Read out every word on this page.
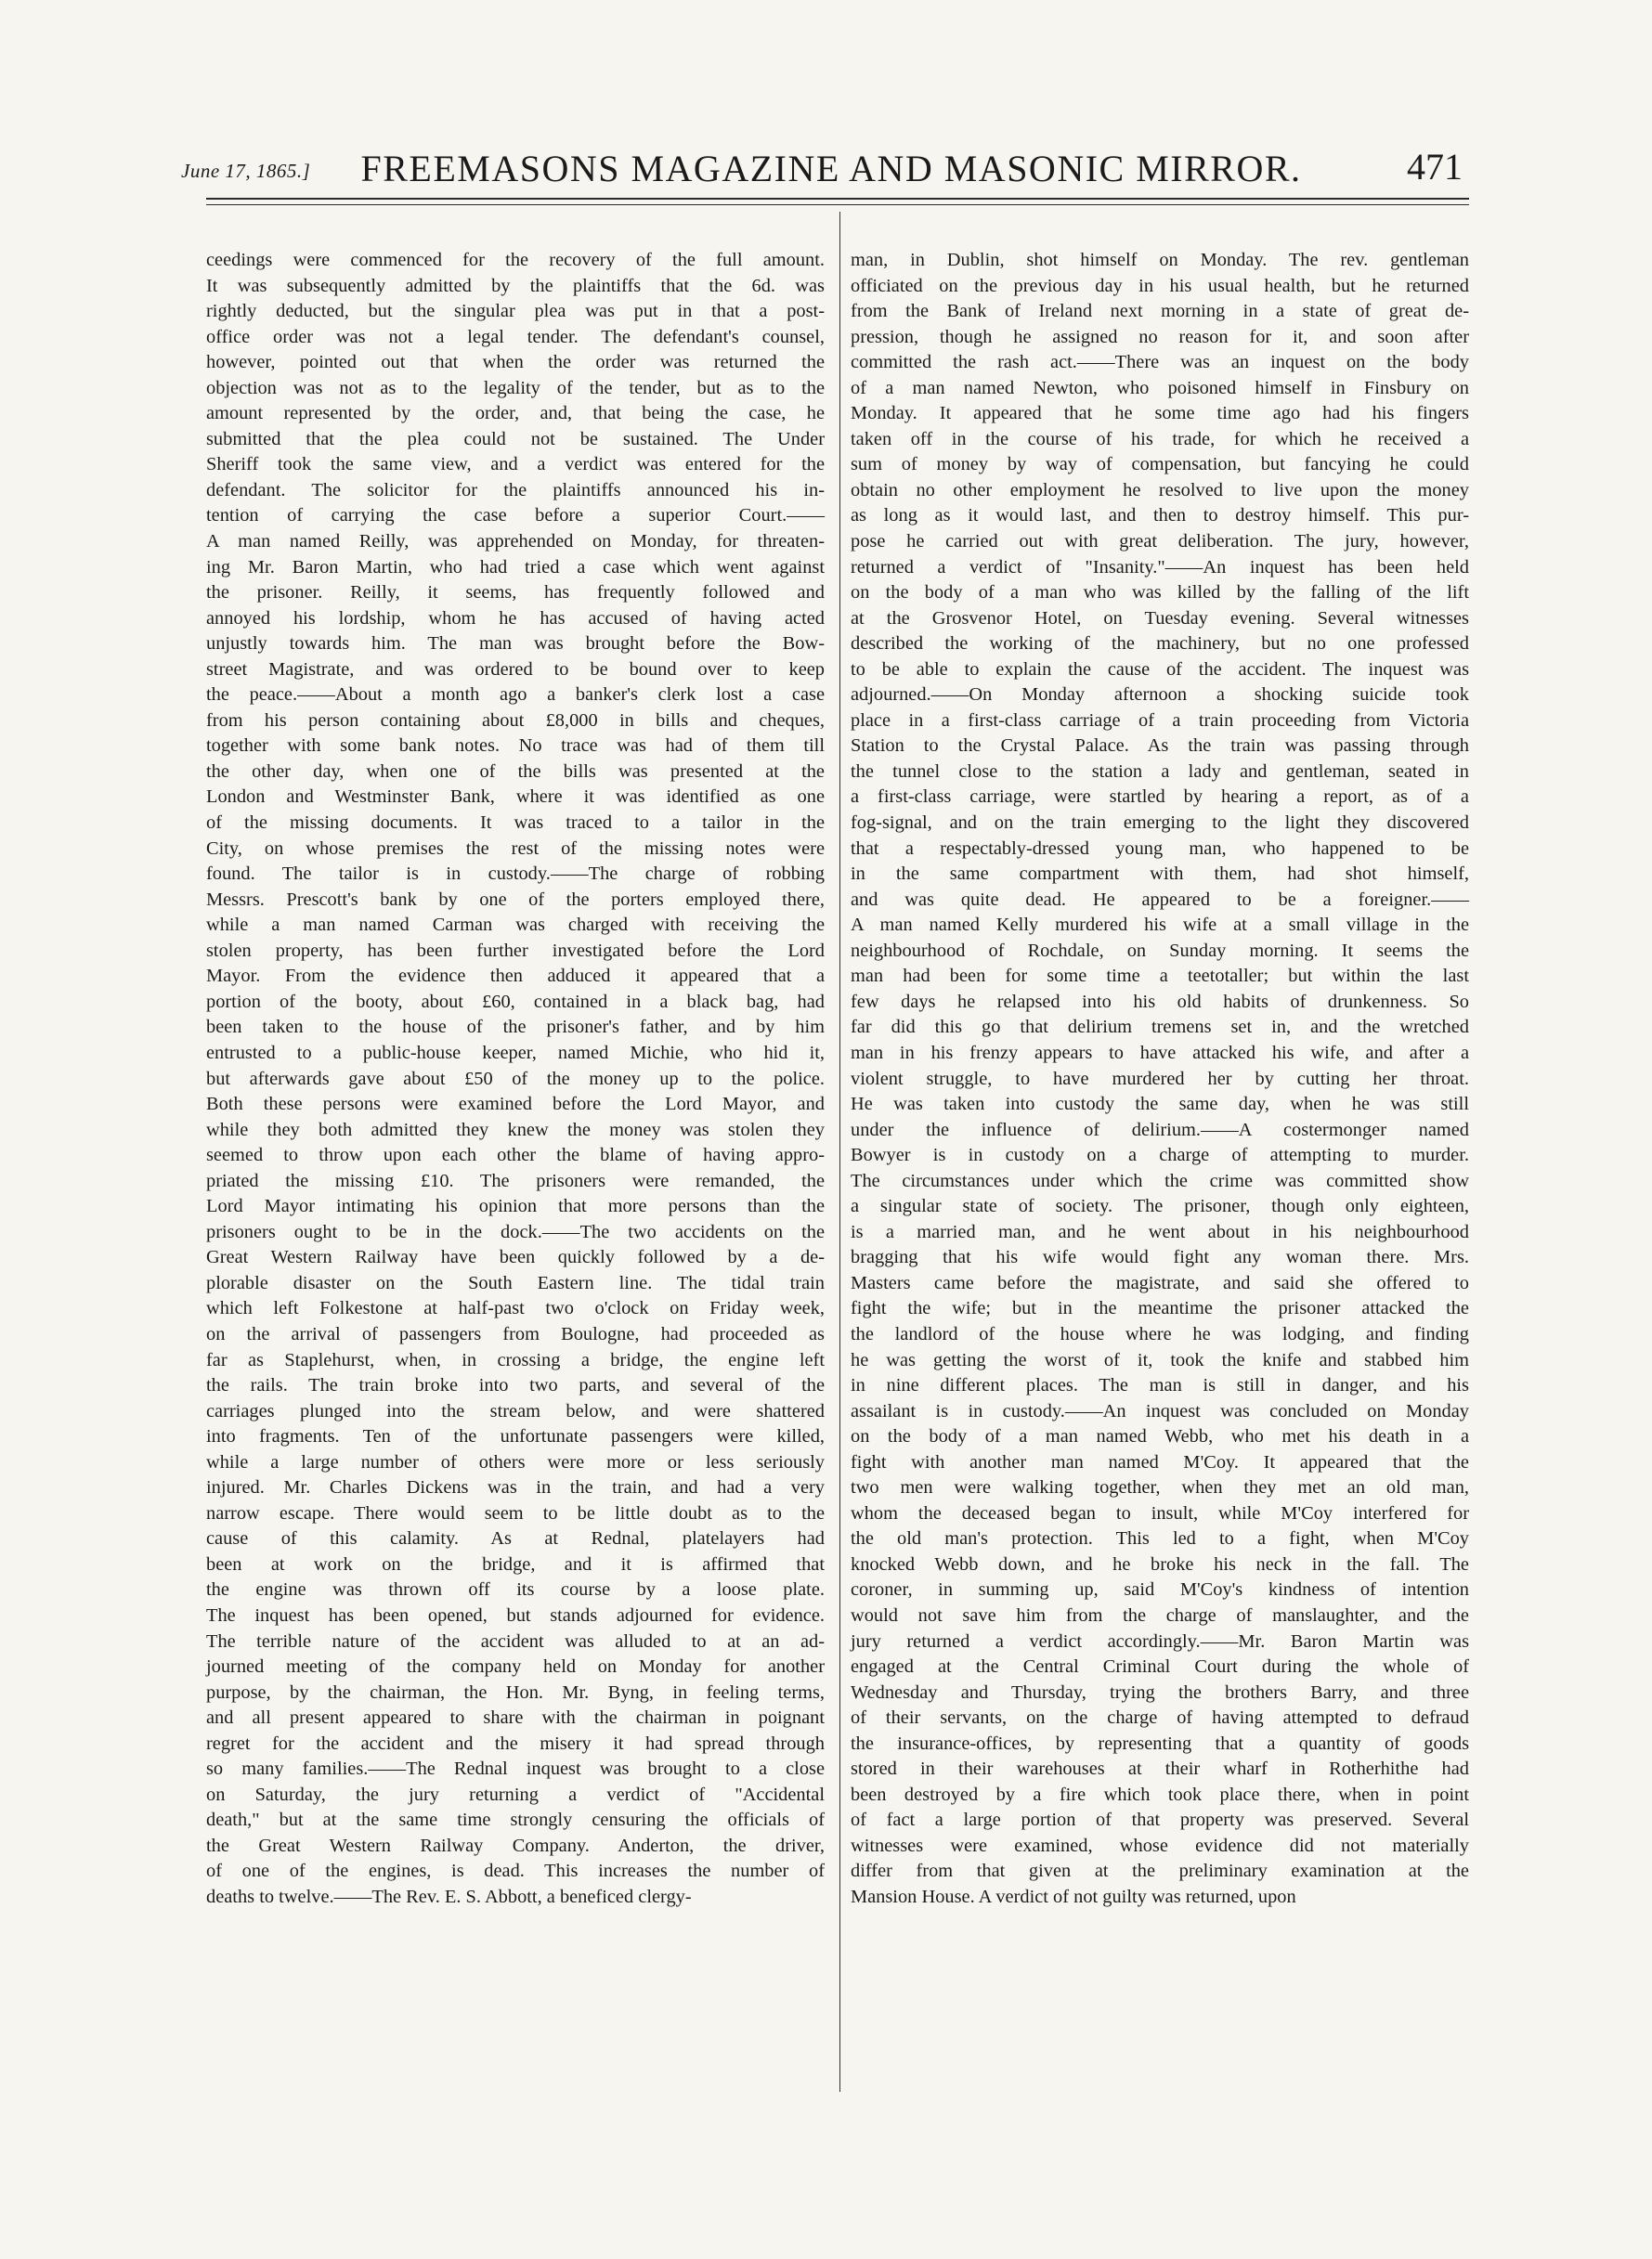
June 17, 1865.]	FREEMASONS MAGAZINE AND MASONIC MIRROR.	471
ceedings were commenced for the recovery of the full amount.
It was subsequently admitted by the plaintiffs that the 6d. was
rightly deducted, but the singular plea was put in that a post-
office order was not a legal tender. The defendant's counsel,
however, pointed out that when the order was returned the
objection was not as to the legality of the tender, but as to the
amount represented by the order, and, that being the case, he
submitted that the plea could not be sustained. The Under
Sheriff took the same view, and a verdict was entered for the
defendant. The solicitor for the plaintiffs announced his in-
tention of carrying the case before a superior Court.——
A man named Reilly, was apprehended on Monday, for threaten-
ing Mr. Baron Martin, who had tried a case which went against
the prisoner. Reilly, it seems, has frequently followed and
annoyed his lordship, whom he has accused of having acted
unjustly towards him. The man was brought before the Bow-
street Magistrate, and was ordered to be bound over to keep
the peace.——About a month ago a banker's clerk lost a case
from his person containing about £8,000 in bills and cheques,
together with some bank notes. No trace was had of them till
the other day, when one of the bills was presented at the
London and Westminster Bank, where it was identified as one
of the missing documents. It was traced to a tailor in the
City, on whose premises the rest of the missing notes were
found. The tailor is in custody.——The charge of robbing
Messrs. Prescott's bank by one of the porters employed there,
while a man named Carman was charged with receiving the
stolen property, has been further investigated before the Lord
Mayor. From the evidence then adduced it appeared that a
portion of the booty, about £60, contained in a black bag, had
been taken to the house of the prisoner's father, and by him
entrusted to a public-house keeper, named Michie, who hid it,
but afterwards gave about £50 of the money up to the police.
Both these persons were examined before the Lord Mayor, and
while they both admitted they knew the money was stolen they
seemed to throw upon each other the blame of having appro-
priated the missing £10. The prisoners were remanded, the
Lord Mayor intimating his opinion that more persons than the
prisoners ought to be in the dock.——The two accidents on the
Great Western Railway have been quickly followed by a de-
plorable disaster on the South Eastern line. The tidal train
which left Folkestone at half-past two o'clock on Friday week,
on the arrival of passengers from Boulogne, had proceeded as
far as Staplehurst, when, in crossing a bridge, the engine left
the rails. The train broke into two parts, and several of the
carriages plunged into the stream below, and were shattered
into fragments. Ten of the unfortunate passengers were killed,
while a large number of others were more or less seriously
injured. Mr. Charles Dickens was in the train, and had a very
narrow escape. There would seem to be little doubt as to the
cause of this calamity. As at Rednal, platelayers had
been at work on the bridge, and it is affirmed that
the engine was thrown off its course by a loose plate.
The inquest has been opened, but stands adjourned for evidence.
The terrible nature of the accident was alluded to at an ad-
journed meeting of the company held on Monday for another
purpose, by the chairman, the Hon. Mr. Byng, in feeling terms,
and all present appeared to share with the chairman in poignant
regret for the accident and the misery it had spread through
so many families.——The Rednal inquest was brought to a close
on Saturday, the jury returning a verdict of "Accidental
death," but at the same time strongly censuring the officials of
the Great Western Railway Company. Anderton, the driver,
of one of the engines, is dead. This increases the number of
deaths to twelve.——The Rev. E. S. Abbott, a beneficed clergy-
man, in Dublin, shot himself on Monday. The rev. gentleman
officiated on the previous day in his usual health, but he returned
from the Bank of Ireland next morning in a state of great de-
pression, though he assigned no reason for it, and soon after
committed the rash act.——There was an inquest on the body
of a man named Newton, who poisoned himself in Finsbury on
Monday. It appeared that he some time ago had his fingers
taken off in the course of his trade, for which he received a
sum of money by way of compensation, but fancying he could
obtain no other employment he resolved to live upon the money
as long as it would last, and then to destroy himself. This pur-
pose he carried out with great deliberation. The jury, however,
returned a verdict of "Insanity."——An inquest has been held
on the body of a man who was killed by the falling of the lift
at the Grosvenor Hotel, on Tuesday evening. Several witnesses
described the working of the machinery, but no one professed
to be able to explain the cause of the accident. The inquest was
adjourned.——On Monday afternoon a shocking suicide took
place in a first-class carriage of a train proceeding from Victoria
Station to the Crystal Palace. As the train was passing through
the tunnel close to the station a lady and gentleman, seated in
a first-class carriage, were startled by hearing a report, as of a
fog-signal, and on the train emerging to the light they discovered
that a respectably-dressed young man, who happened to be
in the same compartment with them, had shot himself,
and was quite dead. He appeared to be a foreigner.——
A man named Kelly murdered his wife at a small village in the
neighbourhood of Rochdale, on Sunday morning. It seems the
man had been for some time a teetotaller; but within the last
few days he relapsed into his old habits of drunkenness. So
far did this go that delirium tremens set in, and the wretched
man in his frenzy appears to have attacked his wife, and after a
violent struggle, to have murdered her by cutting her throat.
He was taken into custody the same day, when he was still
under the influence of delirium.——A costermonger named
Bowyer is in custody on a charge of attempting to murder.
The circumstances under which the crime was committed show
a singular state of society. The prisoner, though only eighteen,
is a married man, and he went about in his neighbourhood
bragging that his wife would fight any woman there. Mrs.
Masters came before the magistrate, and said she offered to
fight the wife; but in the meantime the prisoner attacked the
the landlord of the house where he was lodging, and finding
he was getting the worst of it, took the knife and stabbed him
in nine different places. The man is still in danger, and his
assailant is in custody.——An inquest was concluded on Monday
on the body of a man named Webb, who met his death in a
fight with another man named M'Coy. It appeared that the
two men were walking together, when they met an old man,
whom the deceased began to insult, while M'Coy interfered for
the old man's protection. This led to a fight, when M'Coy
knocked Webb down, and he broke his neck in the fall. The
coroner, in summing up, said M'Coy's kindness of intention
would not save him from the charge of manslaughter, and the
jury returned a verdict accordingly.——Mr. Baron Martin was
engaged at the Central Criminal Court during the whole of
Wednesday and Thursday, trying the brothers Barry, and three
of their servants, on the charge of having attempted to defraud
the insurance-offices, by representing that a quantity of goods
stored in their warehouses at their wharf in Rotherhithe had
been destroyed by a fire which took place there, when in point
of fact a large portion of that property was preserved. Several
witnesses were examined, whose evidence did not materially
differ from that given at the preliminary examination at the
Mansion House. A verdict of not guilty was returned, upon
